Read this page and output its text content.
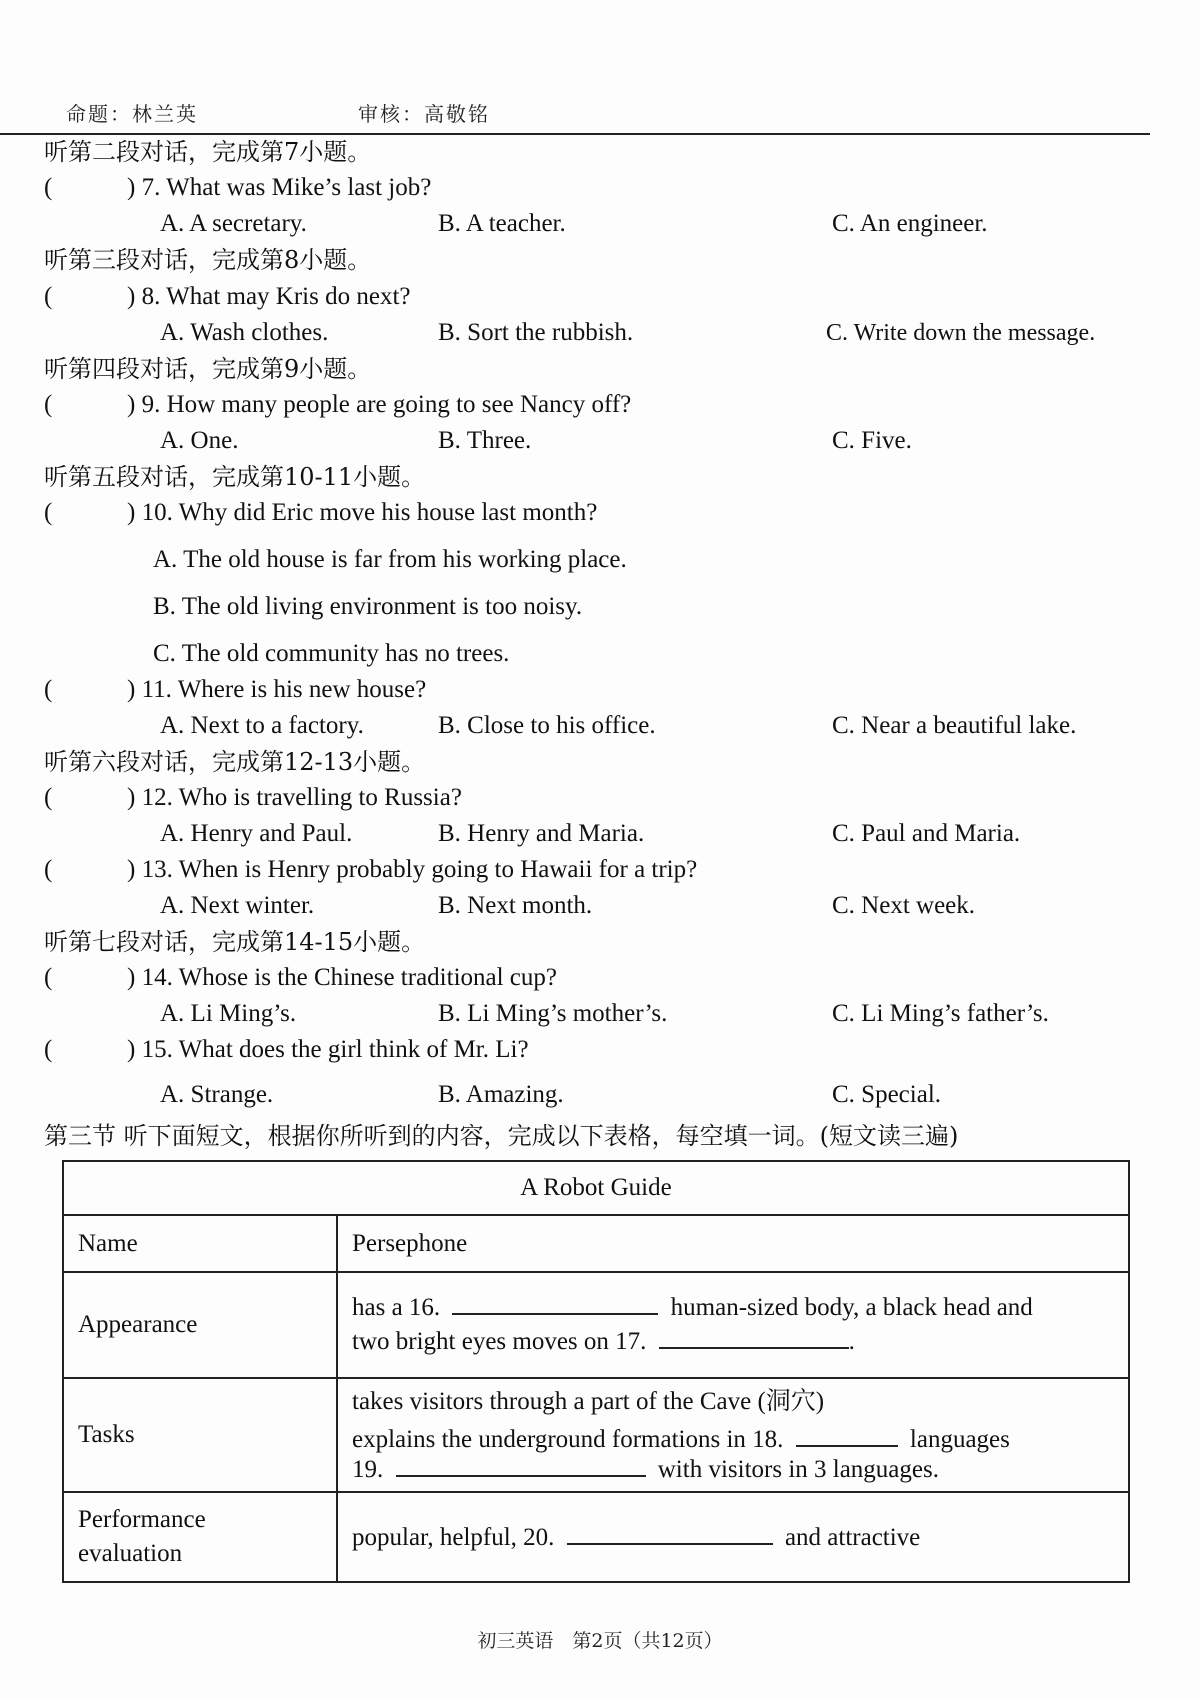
命题：林兰英	审核：高敬铭
听第二段对话，完成第7小题。
(	) 7. What was Mike’s last job?
A. A secretary.	B. A teacher.	C. An engineer.
听第三段对话，完成第8小题。
(	) 8. What may Kris do next?
A. Wash clothes.	B. Sort the rubbish.	C. Write down the message.
听第四段对话，完成第9小题。
(	) 9. How many people are going to see Nancy off?
A. One.	B. Three.	C. Five.
听第五段对话，完成第10-11小题。
(	) 10. Why did Eric move his house last month?
A. The old house is far from his working place.
B. The old living environment is too noisy.
C. The old community has no trees.
(	) 11. Where is his new house?
A. Next to a factory.	B. Close to his office.	C. Near a beautiful lake.
听第六段对话，完成第12-13小题。
(	) 12. Who is travelling to Russia?
A. Henry and Paul.	B. Henry and Maria.	C. Paul and Maria.
(	) 13. When is Henry probably going to Hawaii for a trip?
A. Next winter.	B. Next month.	C. Next week.
听第七段对话，完成第14-15小题。
(	) 14. Whose is the Chinese traditional cup?
A. Li Ming’s.	B. Li Ming’s mother’s.	C. Li Ming’s father’s.
(	) 15. What does the girl think of Mr. Li?
A. Strange.	B. Amazing.	C. Special.
第三节 听下面短文，根据你所听到的内容，完成以下表格，每空填一词。(短文读三遍)
A Robot Guide	
Name	Persephone
Appearance	has a 16. human-sized body, a black head and
two bright eyes moves on 17. .

Tasks	takes visitors through a part of the Cave (洞穴)
explains the underground formations in 18. languages
19. with visitors in 3 languages.

Performance
evaluation	popular, helpful, 20. and attractive
初三英语　第2页（共12页）
